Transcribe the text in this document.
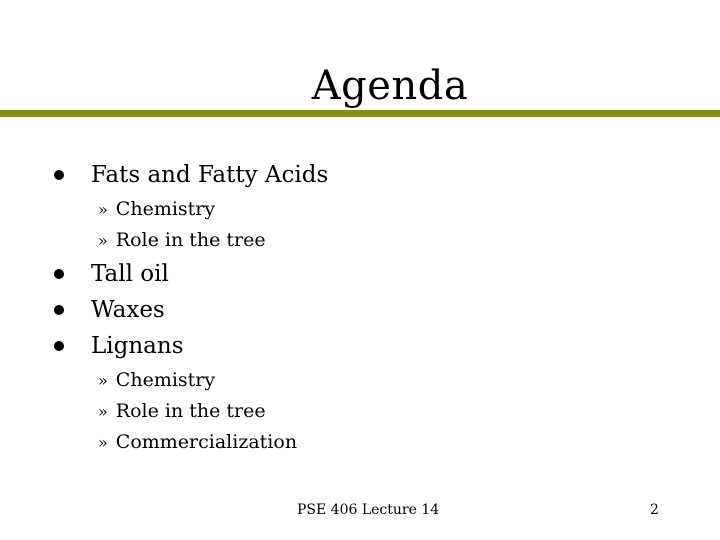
Agenda
Fats and Fatty Acids
» Chemistry
» Role in the tree
Tall oil
Waxes
Lignans
» Chemistry
» Role in the tree
» Commercialization
PSE 406 Lecture 14	2
